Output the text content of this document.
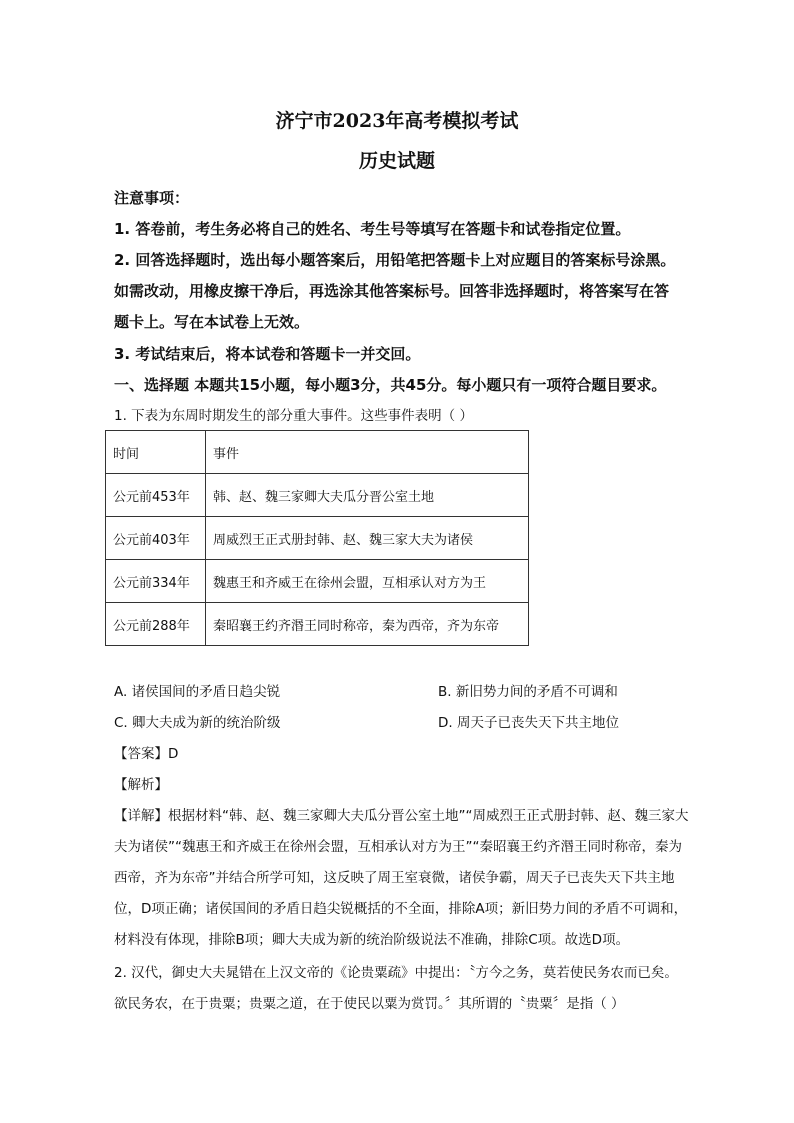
济宁市2023年高考模拟考试
历史试题
注意事项：
1. 答卷前，考生务必将自己的姓名、考生号等填写在答题卡和试卷指定位置。
2. 回答选择题时，选出每小题答案后，用铅笔把答题卡上对应题目的答案标号涂黑。
如需改动，用橡皮擦干净后，再选涂其他答案标号。回答非选择题时，将答案写在答
题卡上。写在本试卷上无效。
3. 考试结束后，将本试卷和答题卡一并交回。
一、选择题 本题共15小题，每小题3分，共45分。每小题只有一项符合题目要求。
1. 下表为东周时期发生的部分重大事件。这些事件表明（ ）
时间	事件
公元前453年	韩、赵、魏三家卿大夫瓜分晋公室土地
公元前403年	周威烈王正式册封韩、赵、魏三家大夫为诸侯
公元前334年	魏惠王和齐威王在徐州会盟，互相承认对方为王
公元前288年	秦昭襄王约齐湣王同时称帝，秦为西帝，齐为东帝
A. 诸侯国间的矛盾日趋尖锐	B. 新旧势力间的矛盾不可调和
C. 卿大夫成为新的统治阶级	D. 周天子已丧失天下共主地位
【答案】D
【解析】
【详解】根据材料“韩、赵、魏三家卿大夫瓜分晋公室土地”“周威烈王正式册封韩、赵、魏三家大
夫为诸侯”“魏惠王和齐威王在徐州会盟，互相承认对方为王”“秦昭襄王约齐湣王同时称帝，秦为
西帝，齐为东帝”并结合所学可知，这反映了周王室衰微，诸侯争霸，周天子已丧失天下共主地
位，D项正确；诸侯国间的矛盾日趋尖锐概括的不全面，排除A项；新旧势力间的矛盾不可调和，
材料没有体现，排除B项；卿大夫成为新的统治阶级说法不准确，排除C项。故选D项。
2. 汉代，御史大夫晁错在上汉文帝的《论贵粟疏》中提出：〝方今之务，莫若使民务农而已矣。
欲民务农，在于贵粟；贵粟之道，在于使民以粟为赏罚。〞其所谓的〝贵粟〞是指（ ）
